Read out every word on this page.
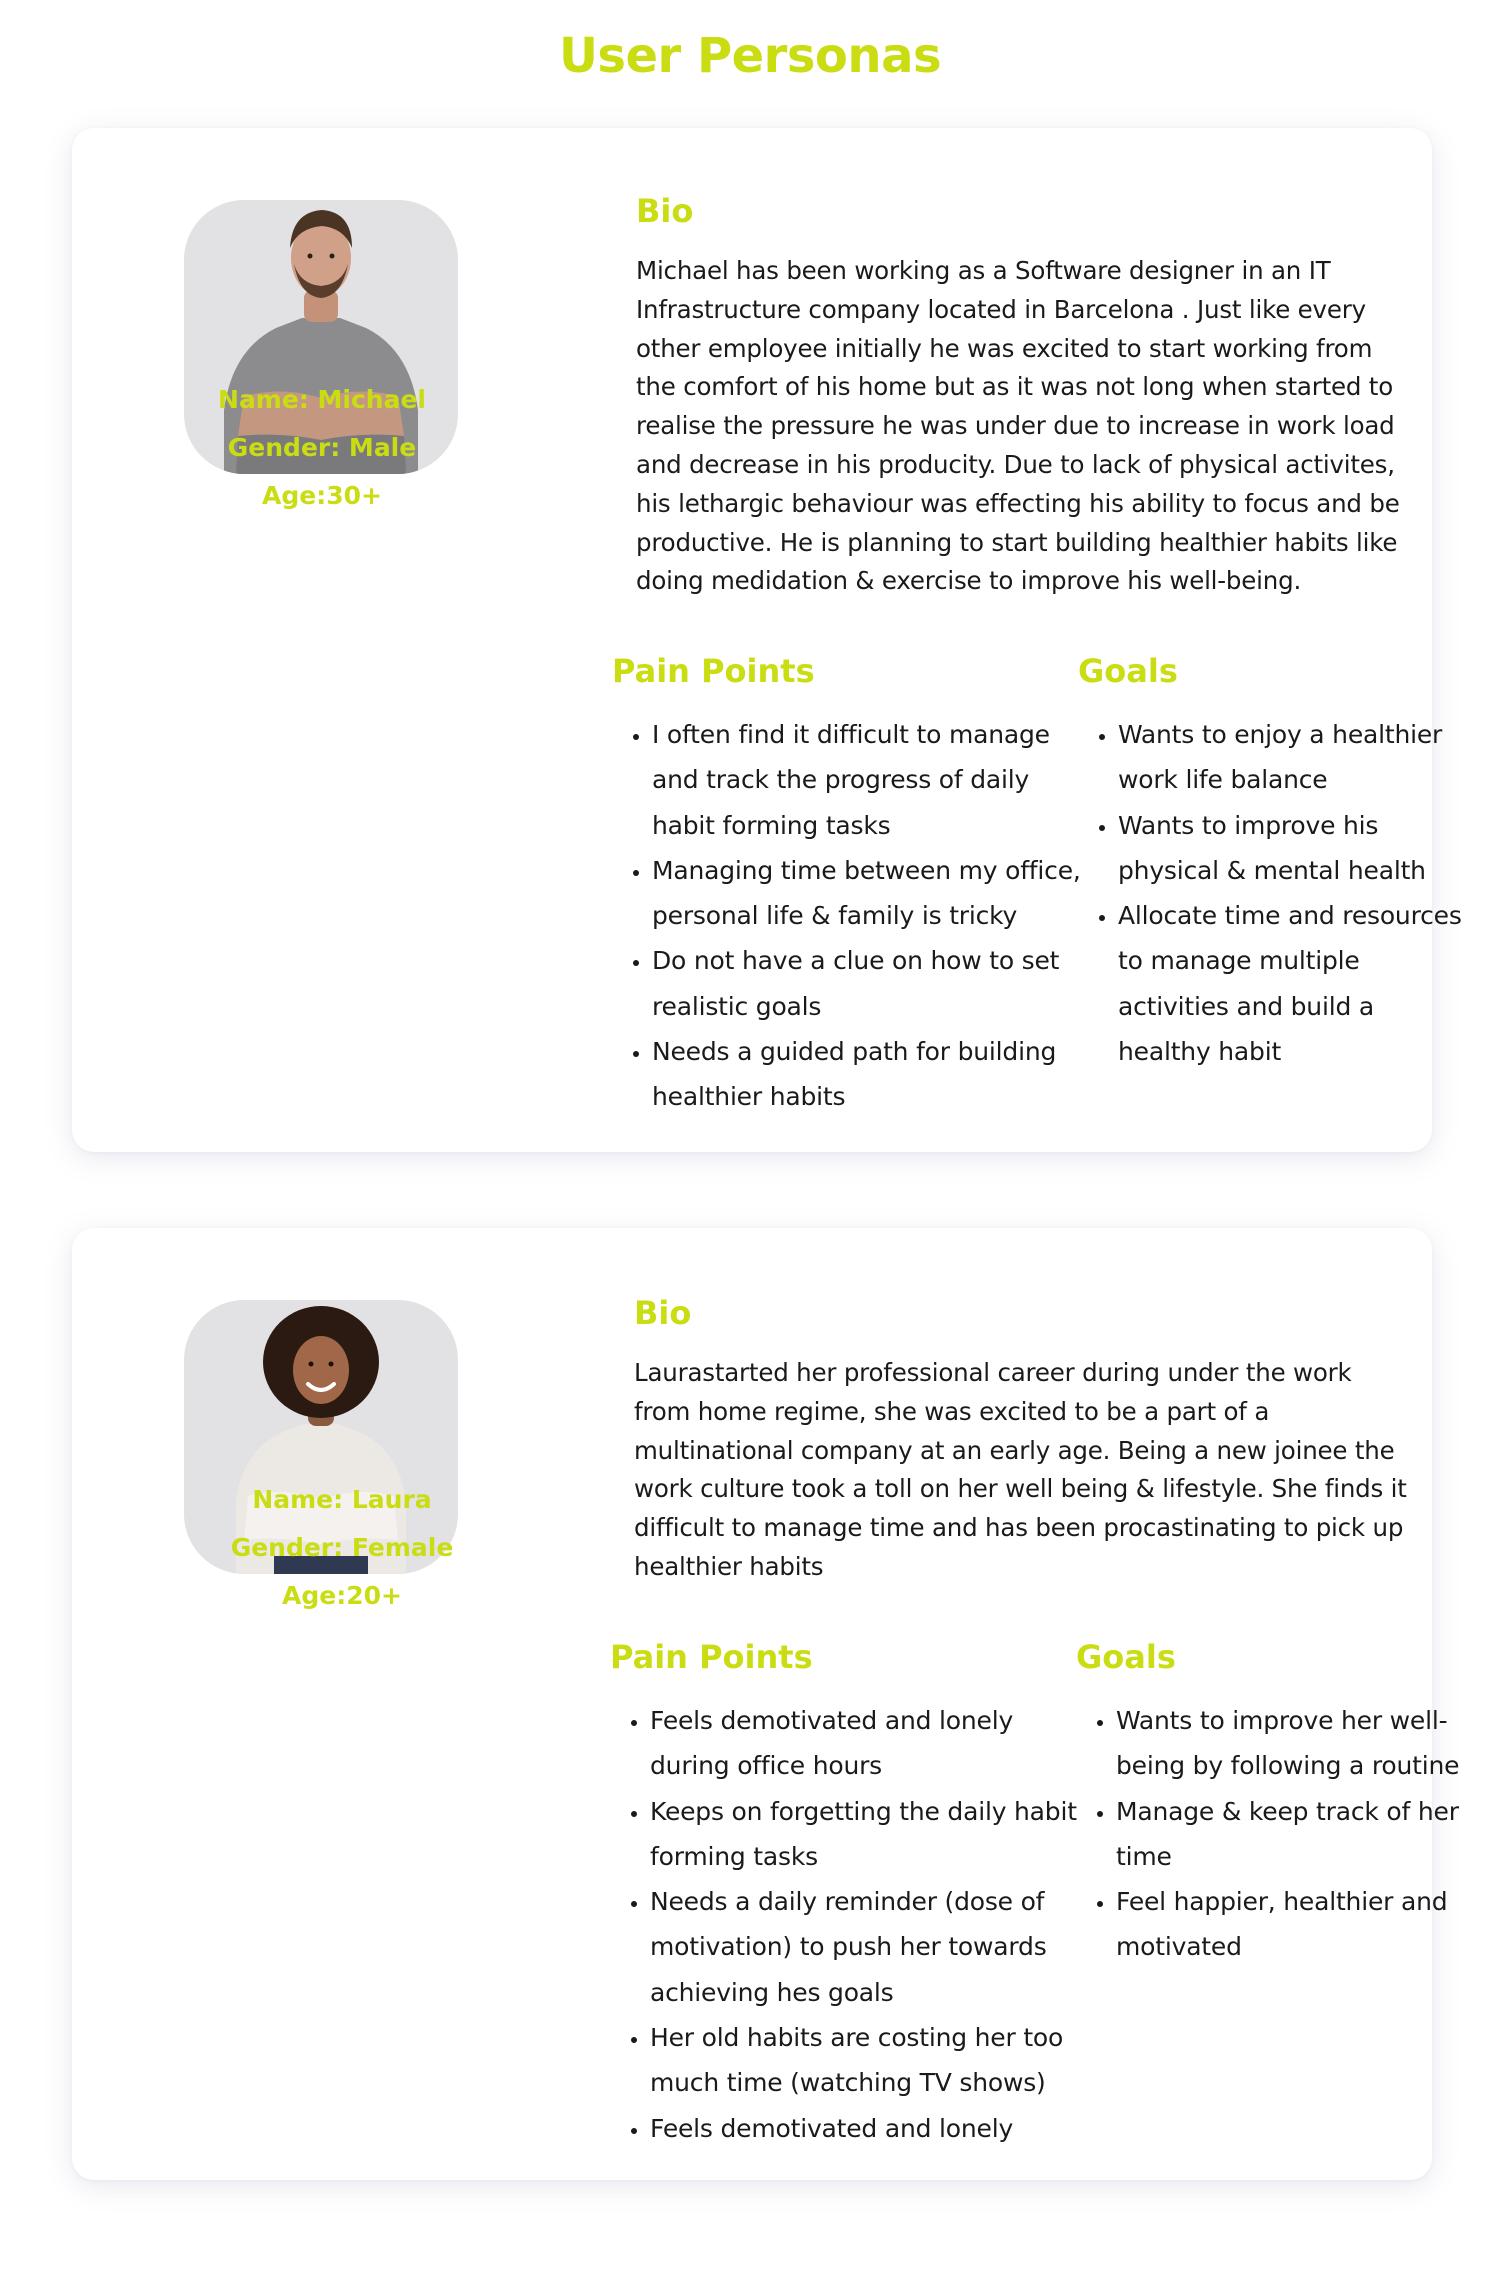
User Personas
Name: Michael
Gender: Male
Age:30+
Bio

Michael has been working as a Software designer in an IT Infrastructure company located in Barcelona . Just like every other employee initially he was excited to start working from the comfort of his home but as it was not long when started to realise the pressure he was under due to increase in work load and decrease in his producity. Due to lack of physical activites, his lethargic behaviour was effecting his ability to focus and be productive. He is planning to start building healthier habits like doing medidation & exercise to improve his well-being.

Pain Points
• I often find it difficult to manage and track the progress of daily habit forming tasks
• Managing time between my office, personal life & family is tricky
• Do not have a clue on how to set realistic goals
• Needs a guided path for building healthier habits
Goals
• Wants to enjoy a healthier work life balance
• Wants to improve his physical & mental health
• Allocate time and resources to manage multiple activities and build a healthy habit
Name: Laura
Gender: Female
Age:20+
Bio

Laurastarted her professional career during under the work from home regime, she was excited to be a part of a multinational company at an early age. Being a new joinee the work culture took a toll on her well being & lifestyle. She finds it difficult to manage time and has been procastinating to pick up healthier habits

Pain Points
• Feels demotivated and lonely during office hours
• Keeps on forgetting the daily habit forming tasks
• Needs a daily reminder (dose of motivation) to push her towards achieving hes goals
• Her old habits are costing her too much time (watching TV shows)
• Feels demotivated and lonely
Goals
• Wants to improve her well-being by following a routine
• Manage & keep track of her time
• Feel happier, healthier and motivated
